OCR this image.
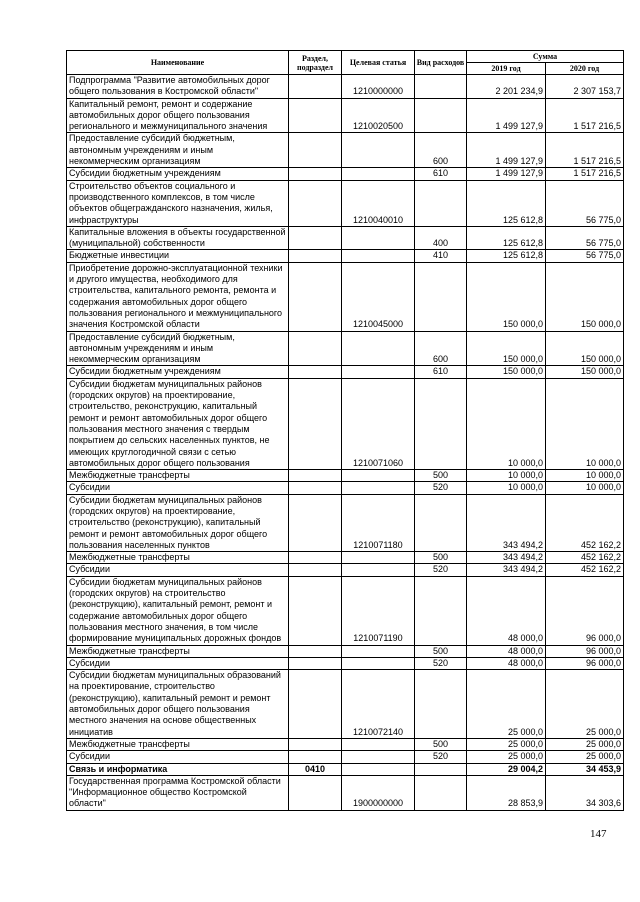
Наименование	Раздел, подраздел	Целевая статья	Вид расходов	Сумма	
				2019 год	2020 год
Подпрограмма "Развитие автомобильных дорог общего пользования в Костромской области"		1210000000		2 201 234,9	2 307 153,7
Капитальный ремонт, ремонт и содержание автомобильных дорог общего пользования регионального и межмуниципального значения		1210020500		1 499 127,9	1 517 216,5
Предоставление субсидий бюджетным, автономным учреждениям и иным некоммерческим организациям			600	1 499 127,9	1 517 216,5
Субсидии бюджетным учреждениям			610	1 499 127,9	1 517 216,5
Строительство объектов социального и производственного комплексов, в том числе объектов общегражданского назначения, жилья, инфраструктуры		1210040010		125 612,8	56 775,0
Капитальные вложения в объекты государственной (муниципальной) собственности			400	125 612,8	56 775,0
Бюджетные инвестиции			410	125 612,8	56 775,0
Приобретение дорожно-эксплуатационной техники и другого имущества, необходимого для строительства, капитального ремонта, ремонта и содержания автомобильных дорог общего пользования регионального и межмуниципального значения Костромской области		1210045000		150 000,0	150 000,0
Предоставление субсидий бюджетным, автономным учреждениям и иным некоммерческим организациям			600	150 000,0	150 000,0
Субсидии бюджетным учреждениям			610	150 000,0	150 000,0
Субсидии бюджетам муниципальных районов (городских округов) на проектирование, строительство, реконструкцию, капитальный ремонт и ремонт автомобильных дорог общего пользования местного значения с твердым покрытием до сельских населенных пунктов, не имеющих круглогодичной связи с сетью автомобильных дорог общего пользования		1210071060		10 000,0	10 000,0
Межбюджетные трансферты			500	10 000,0	10 000,0
Субсидии			520	10 000,0	10 000,0
Субсидии бюджетам муниципальных районов (городских округов) на проектирование, строительство (реконструкцию), капитальный ремонт и ремонт автомобильных дорог общего пользования населенных пунктов		1210071180		343 494,2	452 162,2
Межбюджетные трансферты			500	343 494,2	452 162,2
Субсидии			520	343 494,2	452 162,2
Субсидии бюджетам муниципальных районов (городских округов) на строительство (реконструкцию), капитальный ремонт, ремонт и содержание автомобильных дорог общего пользования местного значения, в том числе формирование муниципальных дорожных фондов		1210071190		48 000,0	96 000,0
Межбюджетные трансферты			500	48 000,0	96 000,0
Субсидии			520	48 000,0	96 000,0
Субсидии бюджетам муниципальных образований на проектирование, строительство (реконструкцию), капитальный ремонт и ремонт автомобильных дорог общего пользования местного значения на основе общественных инициатив		1210072140		25 000,0	25 000,0
Межбюджетные трансферты			500	25 000,0	25 000,0
Субсидии			520	25 000,0	25 000,0
Связь и информатика	0410			29 004,2	34 453,9
Государственная программа Костромской области "Информационное общество Костромской области"		1900000000		28 853,9	34 303,6
147
